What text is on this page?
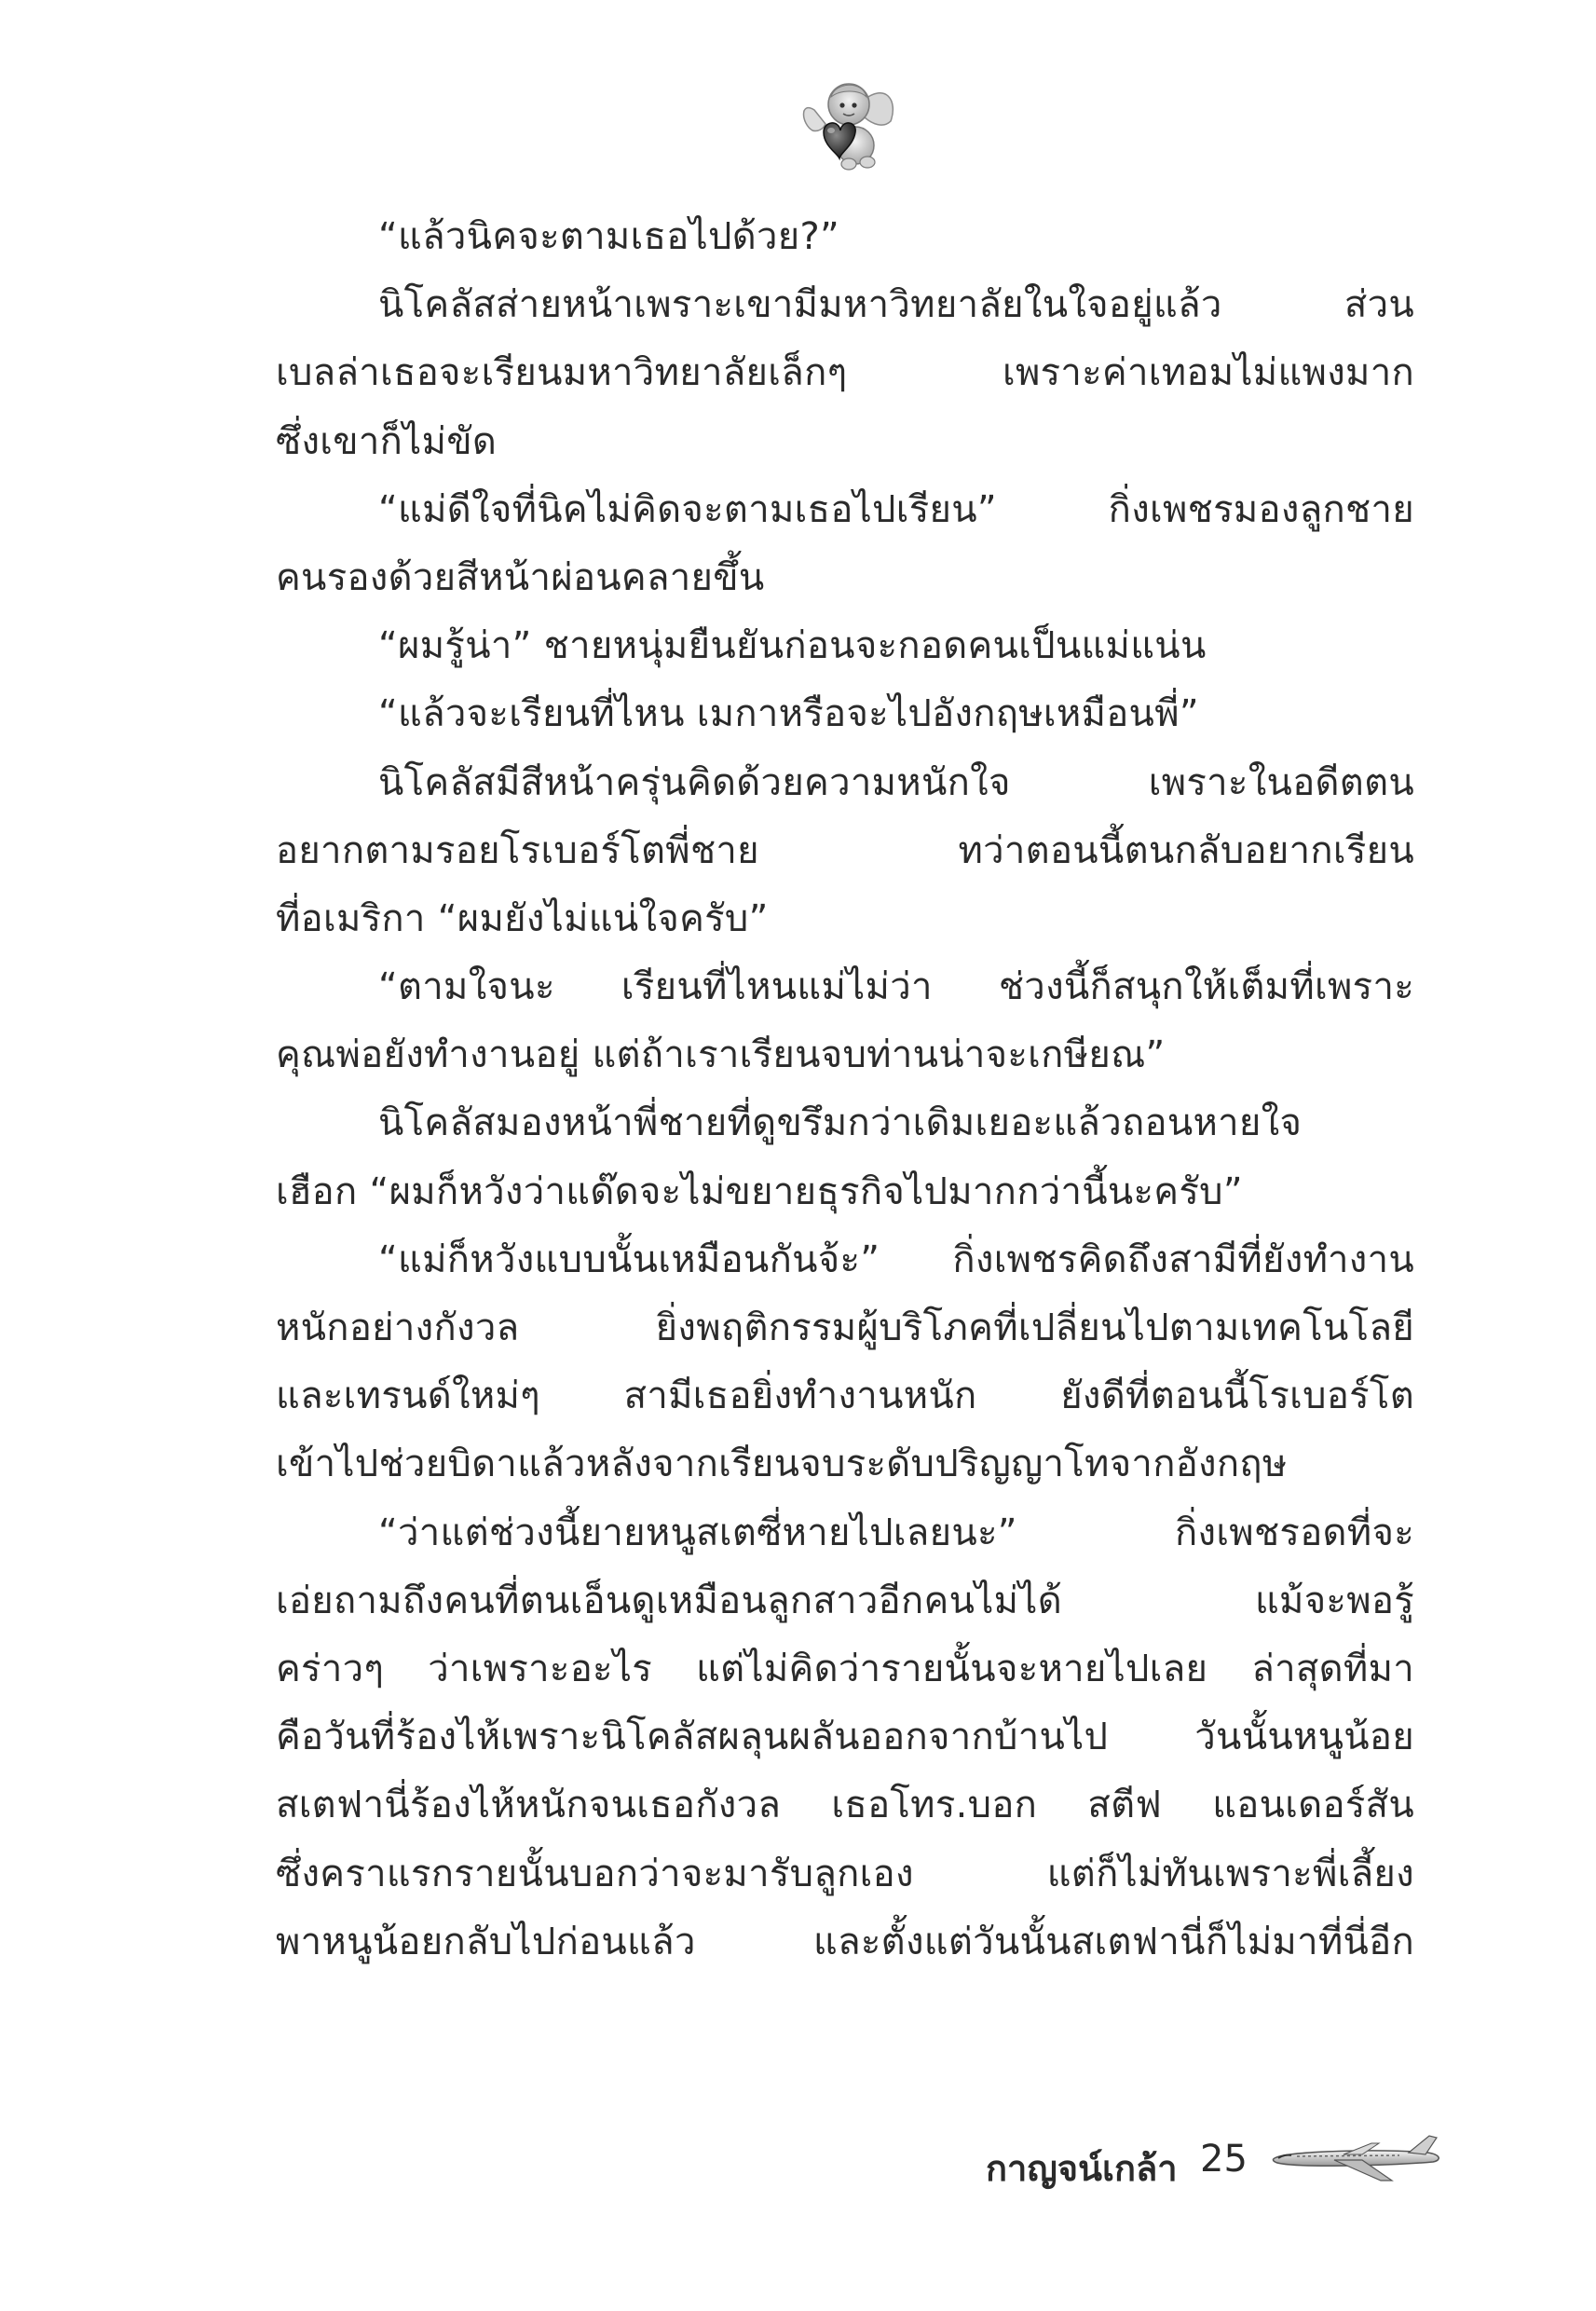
“แล้วนิคจะตามเธอไปด้วย?”
นิโคลัสส่ายหน้าเพราะเขามีมหาวิทยาลัยในใจอยู่แล้ว ส่วน
เบลล่าเธอจะเรียนมหาวิทยาลัยเล็กๆ เพราะค่าเทอมไม่แพงมาก
ซึ่งเขาก็ไม่ขัด
“แม่ดีใจที่นิคไม่คิดจะตามเธอไปเรียน” กิ่งเพชรมองลูกชาย
คนรองด้วยสีหน้าผ่อนคลายขึ้น
“ผมรู้น่า” ชายหนุ่มยืนยันก่อนจะกอดคนเป็นแม่แน่น
“แล้วจะเรียนที่ไหน เมกาหรือจะไปอังกฤษเหมือนพี่”
นิโคลัสมีสีหน้าครุ่นคิดด้วยความหนักใจ เพราะในอดีตตน
อยากตามรอยโรเบอร์โตพี่ชาย ทว่าตอนนี้ตนกลับอยากเรียน
ที่อเมริกา “ผมยังไม่แน่ใจครับ”
“ตามใจนะ เรียนที่ไหนแม่ไม่ว่า ช่วงนี้ก็สนุกให้เต็มที่เพราะ
คุณพ่อยังทำงานอยู่ แต่ถ้าเราเรียนจบท่านน่าจะเกษียณ”
นิโคลัสมองหน้าพี่ชายที่ดูขรึมกว่าเดิมเยอะแล้วถอนหายใจ
เฮือก “ผมก็หวังว่าแด๊ดจะไม่ขยายธุรกิจไปมากกว่านี้นะครับ”
“แม่ก็หวังแบบนั้นเหมือนกันจ้ะ” กิ่งเพชรคิดถึงสามีที่ยังทำงาน
หนักอย่างกังวล ยิ่งพฤติกรรมผู้บริโภคที่เปลี่ยนไปตามเทคโนโลยี
และเทรนด์ใหม่ๆ สามีเธอยิ่งทำงานหนัก ยังดีที่ตอนนี้โรเบอร์โต
เข้าไปช่วยบิดาแล้วหลังจากเรียนจบระดับปริญญาโทจากอังกฤษ
“ว่าแต่ช่วงนี้ยายหนูสเตซี่หายไปเลยนะ” กิ่งเพชรอดที่จะ
เอ่ยถามถึงคนที่ตนเอ็นดูเหมือนลูกสาวอีกคนไม่ได้ แม้จะพอรู้
คร่าวๆ ว่าเพราะอะไร แต่ไม่คิดว่ารายนั้นจะหายไปเลย ล่าสุดที่มา
คือวันที่ร้องไห้เพราะนิโคลัสผลุนผลันออกจากบ้านไป วันนั้นหนูน้อย
สเตฟานี่ร้องไห้หนักจนเธอกังวล เธอโทร.บอก สตีฟ แอนเดอร์สัน
ซึ่งคราแรกรายนั้นบอกว่าจะมารับลูกเอง แต่ก็ไม่ทันเพราะพี่เลี้ยง
พาหนูน้อยกลับไปก่อนแล้ว และตั้งแต่วันนั้นสเตฟานี่ก็ไม่มาที่นี่อีก
กาญจน์เกล้า 25
